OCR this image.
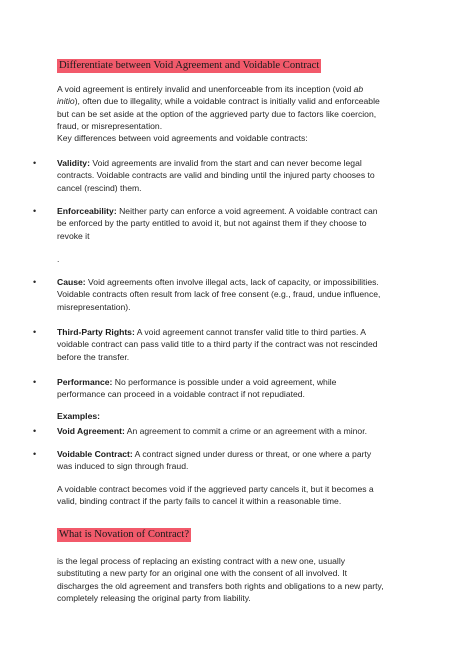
Differentiate between Void Agreement and Voidable Contract

A void agreement is entirely invalid and unenforceable from its inception (void ab initio), often due to illegality, while a voidable contract is initially valid and enforceable but can be set aside at the option of the aggrieved party due to factors like coercion, fraud, or misrepresentation.
Key differences between void agreements and voidable contracts:

• Validity: Void agreements are invalid from the start and can never become legal contracts. Voidable contracts are valid and binding until the injured party chooses to cancel (rescind) them.

• Enforceability: Neither party can enforce a void agreement. A voidable contract can be enforced by the party entitled to avoid it, but not against them if they choose to revoke it

.
• Cause: Void agreements often involve illegal acts, lack of capacity, or impossibilities. Voidable contracts often result from lack of free consent (e.g., fraud, undue influence, misrepresentation).

• Third-Party Rights: A void agreement cannot transfer valid title to third parties. A voidable contract can pass valid title to a third party if the contract was not rescinded before the transfer.

• Performance: No performance is possible under a void agreement, while performance can proceed in a voidable contract if not repudiated.

Examples:

• Void Agreement: An agreement to commit a crime or an agreement with a minor.

• Voidable Contract: A contract signed under duress or threat, or one where a party was induced to sign through fraud.

A voidable contract becomes void if the aggrieved party cancels it, but it becomes a valid, binding contract if the party fails to cancel it within a reasonable time.

What is Novation of Contract?

is the legal process of replacing an existing contract with a new one, usually substituting a new party for an original one with the consent of all involved. It discharges the old agreement and transfers both rights and obligations to a new party, completely releasing the original party from liability.
